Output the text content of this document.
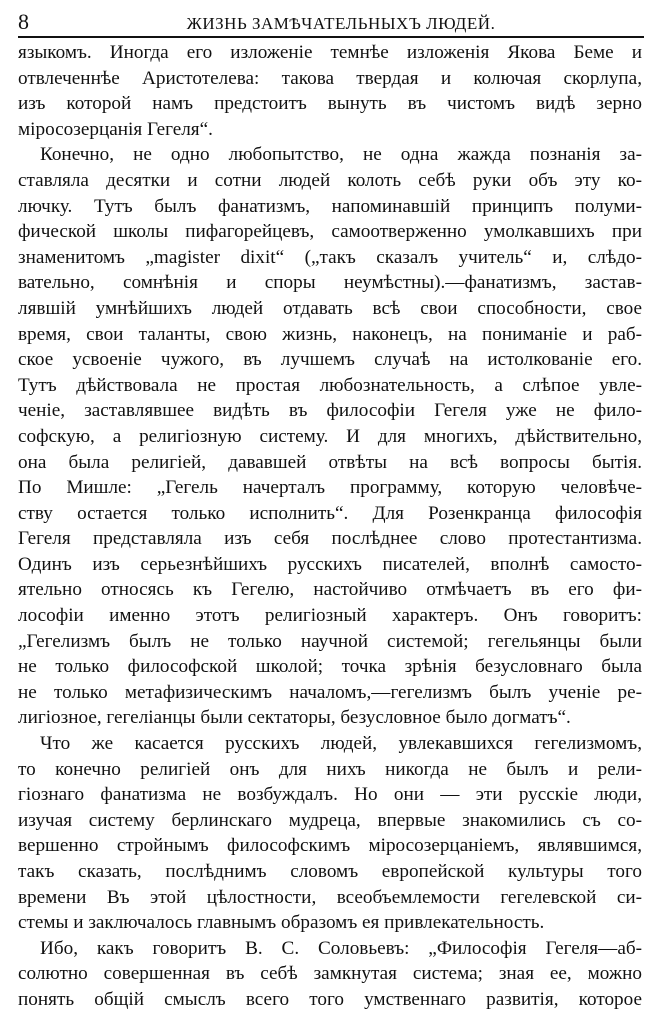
8	ЖИЗНЬ ЗАМѢЧАТЕЛЬНЫХЪ ЛЮДЕЙ.
языкомъ. Иногда его изложеніе темнѣе изложенія Якова Беме и
отвлеченнѣе Аристотелева: такова твердая и колючая скорлупа,
изъ которой намъ предстоитъ вынуть въ чистомъ видѣ зерно
міросозерцанія Гегеля“.
Конечно, не одно любопытство, не одна жажда познанія за-
ставляла десятки и сотни людей колоть себѣ руки объ эту ко-
лючку. Тутъ былъ фанатизмъ, напоминавшій принципъ полуми-
фической школы пифагорейцевъ, самоотверженно умолкавшихъ при
знаменитомъ „magister dixit“ („такъ сказалъ учитель“ и, слѣдо-
вательно, сомнѣнія и споры неумѣстны).—фанатизмъ, застав-
лявшій умнѣйшихъ людей отдавать всѣ свои способности, свое
время, свои таланты, свою жизнь, наконецъ, на пониманіе и раб-
ское усвоеніе чужого, въ лучшемъ случаѣ на истолкованіе его.
Тутъ дѣйствовала не простая любознательность, а слѣпое увле-
ченіе, заставлявшее видѣть въ философіи Гегеля уже не фило-
софскую, а религіозную систему. И для многихъ, дѣйствительно,
она была религіей, дававшей отвѣты на всѣ вопросы бытія.
По Мишле: „Гегель начерталъ программу, которую человѣче-
ству остается только исполнить“. Для Розенкранца философія
Гегеля представляла изъ себя послѣднее слово протестантизма.
Одинъ изъ серьезнѣйшихъ русскихъ писателей, вполнѣ самосто-
ятельно относясь къ Гегелю, настойчиво отмѣчаетъ въ его фи-
лософіи именно этотъ религіозный характеръ. Онъ говоритъ:
„Гегелизмъ былъ не только научной системой; гегельянцы были
не только философской школой; точка зрѣнія безусловнаго была
не только метафизическимъ началомъ,—гегелизмъ былъ ученіе ре-
лигіозное, гегеліанцы были сектаторы, безусловное было догматъ“.
Что же касается русскихъ людей, увлекавшихся гегелизмомъ,
то конечно религіей онъ для нихъ никогда не былъ и рели-
гіознаго фанатизма не возбуждалъ. Но они — эти русскіе люди,
изучая систему берлинскаго мудреца, впервые знакомились съ со-
вершенно стройнымъ философскимъ міросозерцаніемъ, являвшимся,
такъ сказать, послѣднимъ словомъ европейской культуры того
времени Въ этой цѣлостности, всеобъемлемости гегелевской си-
стемы и заключалось главнымъ образомъ ея привлекательность.
Ибо, какъ говоритъ В. С. Соловьевъ: „Философія Гегеля—аб-
солютно совершенная въ себѣ замкнутая система; зная ее, можно
понять общій смыслъ всего того умственнаго развитія, которое
